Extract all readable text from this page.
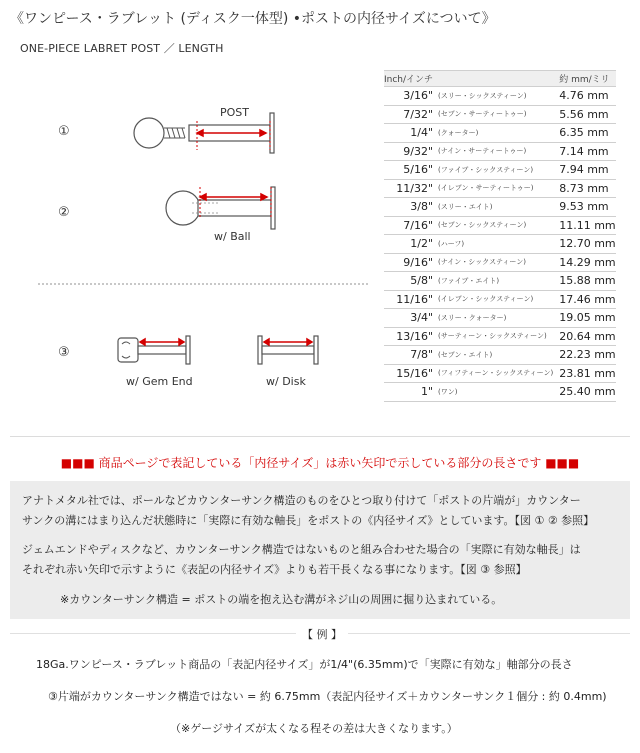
《ワンピース・ラブレット (ディスク一体型) •ポストの内径サイズについて》
ONE-PIECE LABRET POST ／ LENGTH
①
POST
②
w/ Ball
③
w/ Gem End	w/ Disk
Inch/インチ		約 mm/ミリ
3/16"	(スリー・シックスティーン)	4.76 mm
7/32"	(セブン・サーティートゥー)	5.56 mm
1/4"	(クォーター)	6.35 mm
9/32"	(ナイン・サーティートゥー)	7.14 mm
5/16"	(ファイブ・シックスティーン)	7.94 mm
11/32"	(イレブン・サーティートゥー)	8.73 mm
3/8"	(スリー・エイト)	9.53 mm
7/16"	(セブン・シックスティーン)	11.11 mm
1/2"	(ハーフ)	12.70 mm
9/16"	(ナイン・シックスティーン)	14.29 mm
5/8"	(ファイブ・エイト)	15.88 mm
11/16"	(イレブン・シックスティーン)	17.46 mm
3/4"	(スリー・クォーター)	19.05 mm
13/16"	(サーティーン・シックスティーン)	20.64 mm
7/8"	(セブン・エイト)	22.23 mm
15/16"	(フィフティーン・シックスティーン)	23.81 mm
1"	(ワン)	25.40 mm
■■■ 商品ページで表記している「内径サイズ」は赤い矢印で示している部分の長さです ■■■
アナトメタル社では、ポールなどカウンターサンク構造のものをひとつ取り付けて「ポストの片端が」カウンター
サンクの溝にはまり込んだ状態時に「実際に有効な軸長」をポストの《内径サイズ》としています。【図 ① ② 参照】
ジェムエンドやディスクなど、カウンターサンク構造ではないものと組み合わせた場合の「実際に有効な軸長」は
それぞれ赤い矢印で示すように《表記の内径サイズ》よりも若干長くなる事になります。【図 ③ 参照】
※カウンターサンク構造 = ポストの端を抱え込む溝がネジ山の周囲に掘り込まれている。
【 例 】
18Ga.ワンピース・ラブレット商品の「表記内径サイズ」が1/4"(6.35mm)で「実際に有効な」軸部分の長さ
③片端がカウンターサンク構造ではない = 約 6.75mm（表記内径サイズ＋カウンターサンク１個分 : 約 0.4mm)
（※ゲージサイズが太くなる程その差は大きくなります。）
